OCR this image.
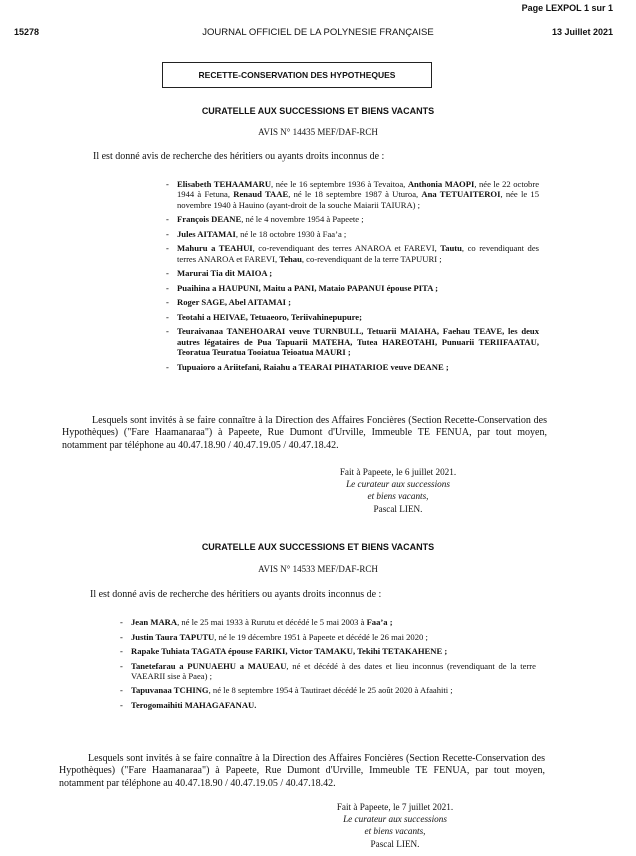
Page LEXPOL 1 sur 1
15278	JOURNAL OFFICIEL DE LA POLYNESIE FRANÇAISE	13 Juillet 2021
RECETTE-CONSERVATION DES HYPOTHEQUES
CURATELLE AUX SUCCESSIONS ET BIENS VACANTS
AVIS N° 14435 MEF/DAF-RCH
Il est donné avis de recherche des héritiers ou ayants droits inconnus de :
- Elisabeth TEHAAMARU, née le 16 septembre 1936 à Tevaitoa, Anthonia MAOPI, née le 22 octobre 1944 à Fetuna, Renaud TAAE, né le 18 septembre 1987 à Uturoa, Ana TETUAITEROI, née le 15 novembre 1940 à Hauino (ayant-droit de la souche Maiarii TAIURA) ;
- François DEANE, né le 4 novembre 1954 à Papeete ;
- Jules AITAMAI, né le 18 octobre 1930 à Faa’a ;
- Mahuru a TEAHUI, co-revendiquant des terres ANAROA et FAREVI, Tautu, co revendiquant des terres ANAROA et FAREVI, Tehau, co-revendiquant de la terre TAPUURI ;
- Marurai Tia dit MAIOA ;
- Puaihina a HAUPUNI, Maitu a PANI, Mataio PAPANUI épouse PITA ;
- Roger SAGE, Abel AITAMAI ;
- Teotahi a HEIVAE, Tetuaeoro, Teriivahinepupure;
- Teuraivanaa TANEHOARAI veuve TURNBULL, Tetuarii MAIAHA, Faehau TEAVE, les deux autres légataires de Pua Tapuarii MATEHA, Tutea HAREOTAHI, Punuarii TERIIFAATAU, Teoratua Teuratua Tooiatua Teioatua MAURI ;
- Tupuaioro a Ariitefani, Raiahu a TEARAI PIHATARIOE veuve DEANE ;
Lesquels sont invités à se faire connaître à la Direction des Affaires Foncières (Section Recette-Conservation des Hypothèques) ("Fare Haamanaraa") à Papeete, Rue Dumont d'Urville, Immeuble TE FENUA, par tout moyen, notamment par téléphone au 40.47.18.90 / 40.47.19.05 / 40.47.18.42.
Fait à Papeete, le 6 juillet 2021.
Le curateur aux successions
et biens vacants,
Pascal LIEN.
CURATELLE AUX SUCCESSIONS ET BIENS VACANTS
AVIS N° 14533 MEF/DAF-RCH
Il est donné avis de recherche des héritiers ou ayants droits inconnus de :
- Jean MARA, né le 25 mai 1933 à Rurutu et décédé le 5 mai 2003 à Faa’a ;
- Justin Taura TAPUTU, né le 19 décembre 1951 à Papeete et décédé le 26 mai 2020 ;
- Rapake Tuhiata TAGATA épouse FARIKI, Victor TAMAKU, Tekihi TETAKAHENE ;
- Tanetefarau a PUNUAEHU a MAUEAU, né et décédé à des dates et lieu inconnus (revendiquant de la terre VAEARII sise à Paea) ;
- Tapuvanaa TCHING, né le 8 septembre 1954 à Tautiraet décédé le 25 août 2020 à Afaahiti ;
- Terogomaihiti MAHAGAFANAU.
Lesquels sont invités à se faire connaître à la Direction des Affaires Foncières (Section Recette-Conservation des Hypothèques) ("Fare Haamanaraa") à Papeete, Rue Dumont d'Urville, Immeuble TE FENUA, par tout moyen, notamment par téléphone au 40.47.18.90 / 40.47.19.05 / 40.47.18.42.
Fait à Papeete, le 7 juillet 2021.
Le curateur aux successions
et biens vacants,
Pascal LIEN.
